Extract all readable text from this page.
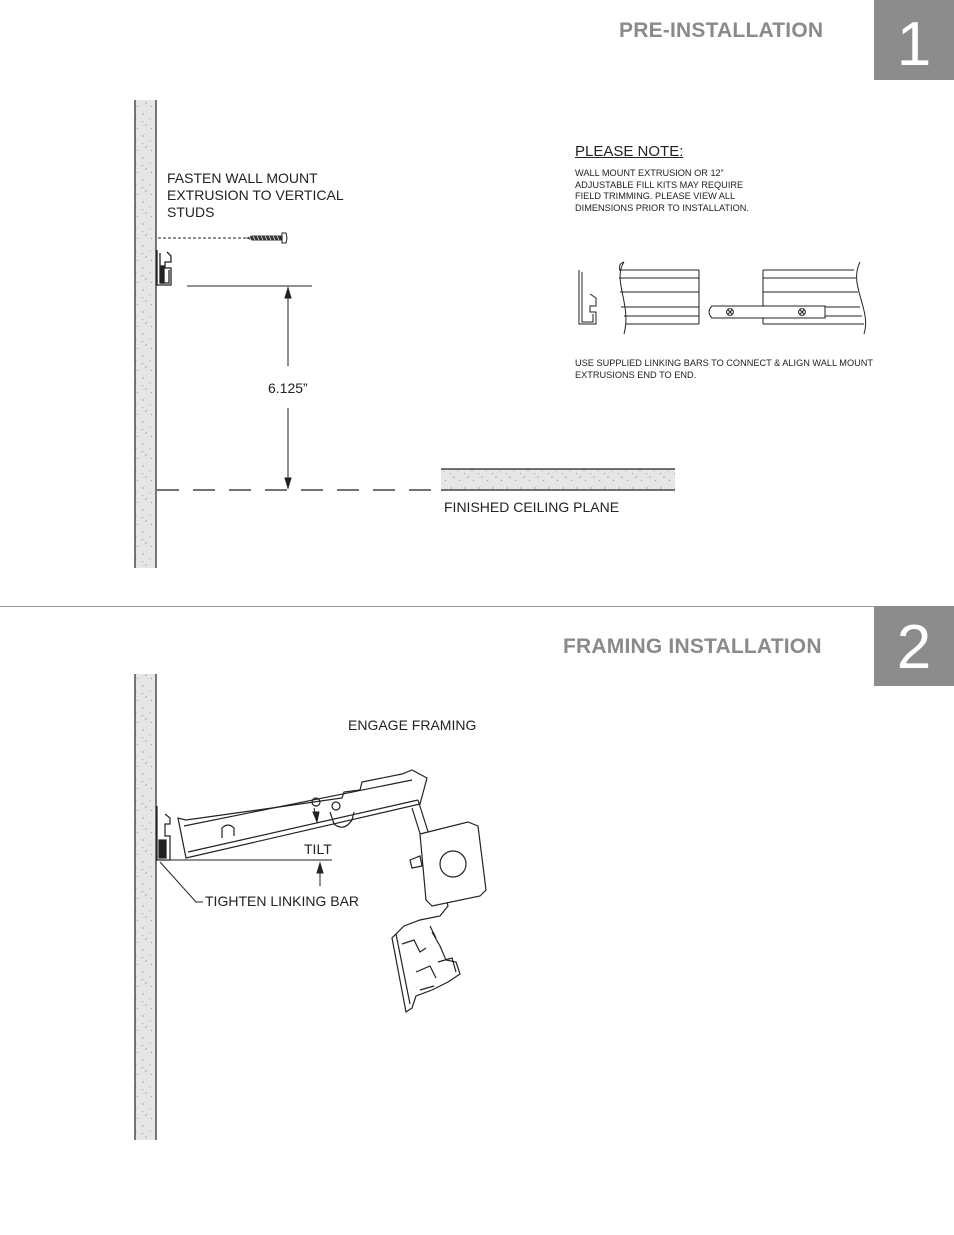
PRE-INSTALLATION	1
FRAMING INSTALLATION	2
FASTEN WALL MOUNT
EXTRUSION TO VERTICAL
STUDS
6.125”
FINISHED CEILING PLANE
PLEASE NOTE:
WALL MOUNT EXTRUSION OR 12”
ADJUSTABLE FILL KITS MAY REQUIRE
FIELD TRIMMING. PLEASE VIEW ALL
DIMENSIONS PRIOR TO INSTALLATION.
USE SUPPLIED LINKING BARS TO CONNECT & ALIGN WALL MOUNT
EXTRUSIONS END TO END.
ENGAGE FRAMING
TILT
TIGHTEN LINKING BAR
